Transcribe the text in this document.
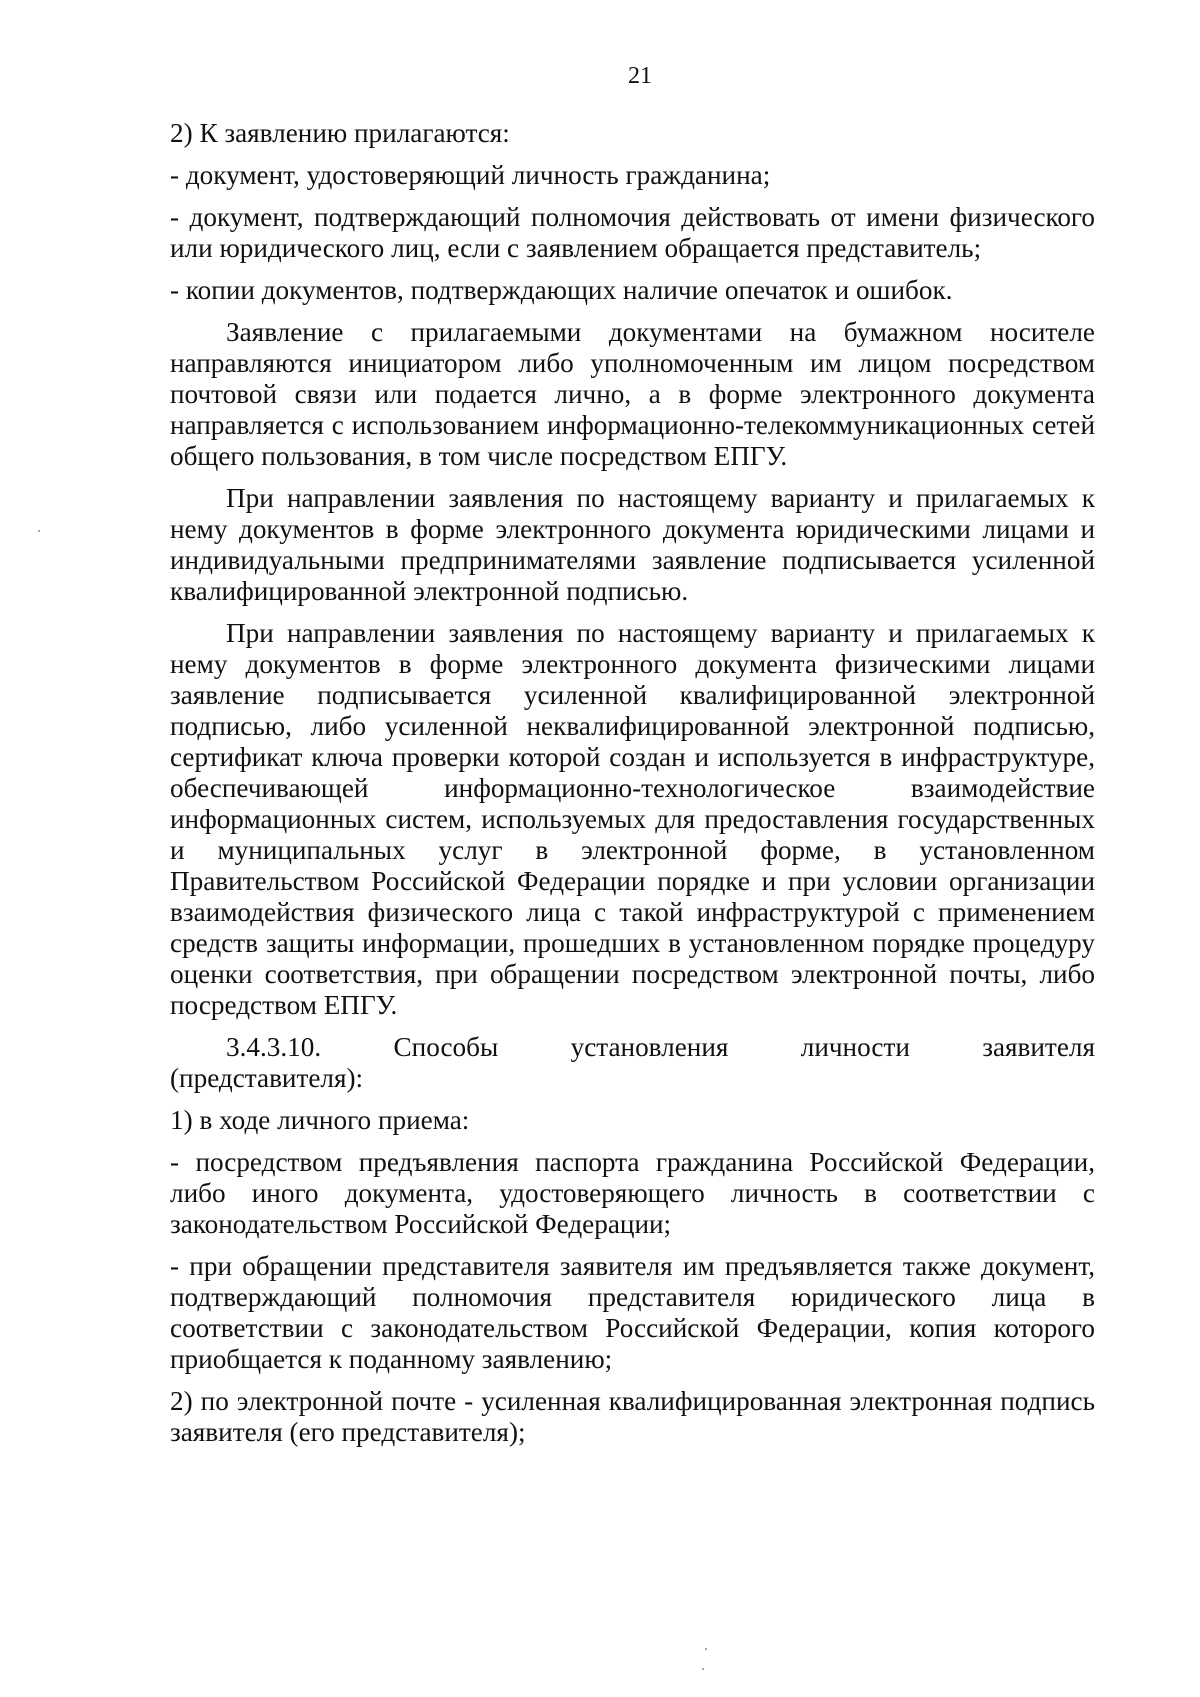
21

2) К заявлению прилагаются:

- документ, удостоверяющий личность гражданина;

- документ, подтверждающий полномочия действовать от имени физического или юридического лиц, если с заявлением обращается представитель;

- копии документов, подтверждающих наличие опечаток и ошибок.

Заявление с прилагаемыми документами на бумажном носителе направляются инициатором либо уполномоченным им лицом посредством почтовой связи или подается лично, а в форме электронного документа направляется с использованием информационно-телекоммуникационных сетей общего пользования, в том числе посредством ЕПГУ.

При направлении заявления по настоящему варианту и прилагаемых к нему документов в форме электронного документа юридическими лицами и индивидуальными предпринимателями заявление подписывается усиленной квалифицированной электронной подписью.

При направлении заявления по настоящему варианту и прилагаемых к нему документов в форме электронного документа физическими лицами заявление подписывается усиленной квалифицированной электронной подписью, либо усиленной неквалифицированной электронной подписью, сертификат ключа проверки которой создан и используется в инфраструктуре, обеспечивающей информационно-технологическое взаимодействие информационных систем, используемых для предоставления государственных и муниципальных услуг в электронной форме, в установленном Правительством Российской Федерации порядке и при условии организации взаимодействия физического лица с такой инфраструктурой с применением средств защиты информации, прошедших в установленном порядке процедуру оценки соответствия, при обращении посредством электронной почты, либо посредством ЕПГУ.

3.4.3.10.	Способы	установления	личности	заявителя

(представителя):

1) в ходе личного приема:

- посредством предъявления паспорта гражданина Российской Федерации, либо иного документа, удостоверяющего личность в соответствии с законодательством Российской Федерации;

- при обращении представителя заявителя им предъявляется также документ, подтверждающий полномочия представителя юридического лица в соответствии с законодательством Российской Федерации, копия которого приобщается к поданному заявлению;

2) по электронной почте - усиленная квалифицированная электронная подпись заявителя (его представителя);
